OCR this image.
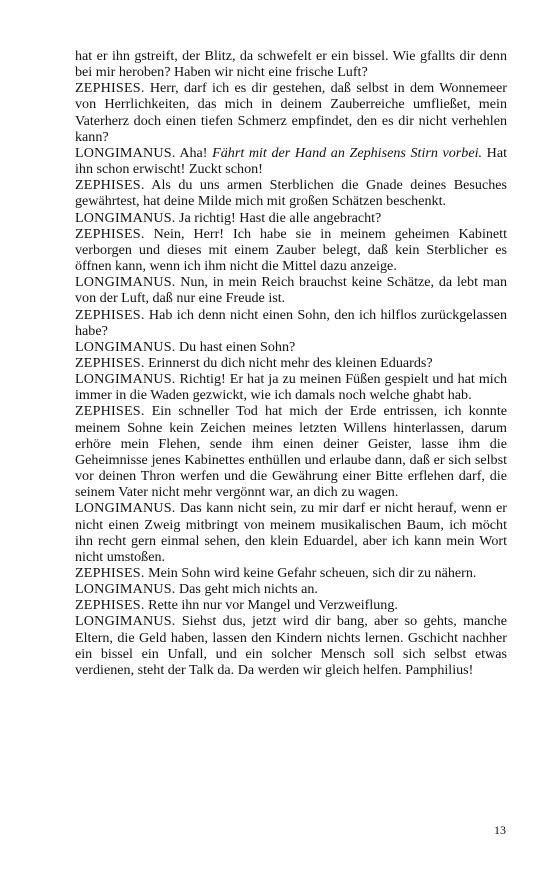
hat er ihn gstreift, der Blitz, da schwefelt er ein bissel. Wie gfallts dir denn bei mir heroben? Haben wir nicht eine frische Luft?

ZEPHISES. Herr, darf ich es dir gestehen, daß selbst in dem Wonnemeer von Herrlichkeiten, das mich in deinem Zauberreiche umfließet, mein Vaterherz doch einen tiefen Schmerz empfindet, den es dir nicht verhehlen kann?

LONGIMANUS. Aha! Fährt mit der Hand an Zephisens Stirn vorbei. Hat ihn schon erwischt! Zuckt schon!

ZEPHISES. Als du uns armen Sterblichen die Gnade deines Besuches gewährtest, hat deine Milde mich mit großen Schätzen beschenkt.

LONGIMANUS. Ja richtig! Hast die alle angebracht?

ZEPHISES. Nein, Herr! Ich habe sie in meinem geheimen Kabinett verborgen und dieses mit einem Zauber belegt, daß kein Sterblicher es öffnen kann, wenn ich ihm nicht die Mittel dazu anzeige.

LONGIMANUS. Nun, in mein Reich brauchst keine Schätze, da lebt man von der Luft, daß nur eine Freude ist.

ZEPHISES. Hab ich denn nicht einen Sohn, den ich hilflos zurückgelassen habe?

LONGIMANUS. Du hast einen Sohn?

ZEPHISES. Erinnerst du dich nicht mehr des kleinen Eduards?

LONGIMANUS. Richtig! Er hat ja zu meinen Füßen gespielt und hat mich immer in die Waden gezwickt, wie ich damals noch welche ghabt hab.

ZEPHISES. Ein schneller Tod hat mich der Erde entrissen, ich konnte meinem Sohne kein Zeichen meines letzten Willens hinterlassen, darum erhöre mein Flehen, sende ihm einen deiner Geister, lasse ihm die Geheimnisse jenes Kabinettes enthüllen und erlaube dann, daß er sich selbst vor deinen Thron werfen und die Gewährung einer Bitte erflehen darf, die seinem Vater nicht mehr vergönnt war, an dich zu wagen.

LONGIMANUS. Das kann nicht sein, zu mir darf er nicht herauf, wenn er nicht einen Zweig mitbringt von meinem musikalischen Baum, ich möcht ihn recht gern einmal sehen, den klein Eduardel, aber ich kann mein Wort nicht umstoßen.

ZEPHISES. Mein Sohn wird keine Gefahr scheuen, sich dir zu nähern.

LONGIMANUS. Das geht mich nichts an.

ZEPHISES. Rette ihn nur vor Mangel und Verzweiflung.

LONGIMANUS. Siehst dus, jetzt wird dir bang, aber so gehts, manche Eltern, die Geld haben, lassen den Kindern nichts lernen. Gschicht nachher ein bissel ein Unfall, und ein solcher Mensch soll sich selbst etwas verdienen, steht der Talk da. Da werden wir gleich helfen. Pamphilius!

13
